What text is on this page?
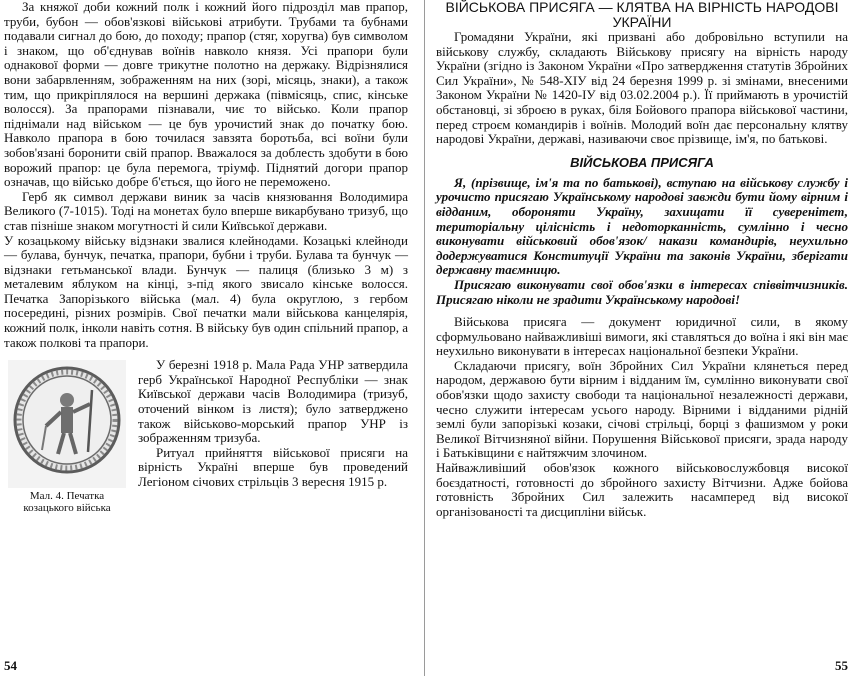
За княжої доби кожний полк і кожний його підрозділ мав прапор, труби, бубон — обов'язкові військові атрибути. Трубами та бубнами подавали сигнал до бою, до походу; прапор (стяг, хоругва) був символом і знаком, що об'єднував воїнів навколо князя. Усі прапори були однакової форми — довге трикутне полотно на держаку. Відрізнялися вони забарвленням, зображенням на них (зорі, місяць, знаки), а також тим, що прикріплялося на вершині держака (півмісяць, спис, кінське волосся). За прапорами пізнавали, чиє то військо. Коли прапор піднімали над військом — це був урочистий знак до початку бою. Навколо прапора в бою точилася завзята боротьба, всі воїни були зобов'язані боронити свій прапор. Вважалося за доблесть здобути в бою ворожий прапор: це була перемога, тріумф. Піднятий догори прапор означав, що військо добре б'ється, що його не переможено.

Герб як символ держави виник за часів князювання Володимира Великого (7-1015). Тоді на монетах було вперше викарбувано тризуб, що став пізніше знаком могутності й сили Київської держави.

У козацькому війську відзнаки звалися клейнодами. Козацькі клейноди — булава, бунчук, печатка, прапори, бубни і труби. Булава та бунчук — відзнаки гетьманської влади. Бунчук — палиця (близько 3 м) з металевим яблуком на кінці, з-під якого звисало кінське волосся. Печатка Запорізького війська (мал. 4) була округлою, з гербом посередині, різних розмірів. Свої печатки мали військова канцелярія, кожний полк, інколи навіть сотня. В війську був один спільний прапор, а також полкові та прапори.

Мал. 4. Печатка козацького війська

У березні 1918 р. Мала Рада УНР затвердила герб Української Народної Республіки — знак Київської держави часів Володимира (тризуб, оточений вінком із листя); було затверджено також військово-морський прапор УНР із зображенням тризуба.

Ритуал прийняття військової присяги на вірність Україні вперше був проведений Легіоном січових стрільців 3 вересня 1915 р.

54
ВІЙСЬКОВА ПРИСЯГА — КЛЯТВА НА ВІРНІСТЬ НАРОДОВІ УКРАЇНИ

Громадяни України, які призвані або добровільно вступили на військову службу, складають Військову присягу на вірність народу України (згідно із Законом України «Про затвердження статутів Збройних Сил України», № 548-ХІУ від 24 березня 1999 р. зі змінами, внесеними Законом України № 1420-ІУ від 03.02.2004 р.). Її приймають в урочистій обстановці, зі зброєю в руках, біля Бойового прапора військової частини, перед строєм командирів і воїнів. Молодий воїн дає персональну клятву народові України, державі, називаючи своє прізвище, ім'я, по батькові.

ВІЙСЬКОВА ПРИСЯГА

Я, (прізвище, ім'я та по батькові), вступаю на військову службу і урочисто присягаю Українському народові завжди бути йому вірним і відданим, обороняти Україну, захищати її суверенітет, територіальну цілісність і недоторканність, сумлінно і чесно виконувати військовий обов'язок/ накази командирів, неухильно додержуватися Конституції України та законів України, зберігати державну таємницю.

Присягаю виконувати свої обов'язки в інтересах співвітчизників. Присягаю ніколи не зрадити Українському народові!

Військова присяга — документ юридичної сили, в якому сформульовано найважливіші вимоги, які ставляться до воїна і які він має неухильно виконувати в інтересах національної безпеки України.

Складаючи присягу, воїн Збройних Сил України клянеться перед народом, державою бути вірним і відданим їм, сумлінно виконувати свої обов'язки щодо захисту свободи та національної незалежності держави, чесно служити інтересам усього народу. Вірними і відданими рідній землі були запорізькі козаки, січові стрільці, борці з фашизмом у роки Великої Вітчизняної війни. Порушення Військової присяги, зрада народу і Батьківщини є найтяжчим злочином.

Найважливіший обов'язок кожного військовослужбовця високої боєздатності, готовності до збройного захисту Вітчизни. Адже бойова готовність Збройних Сил залежить насамперед від високої організованості та дисципліни військ.

55
